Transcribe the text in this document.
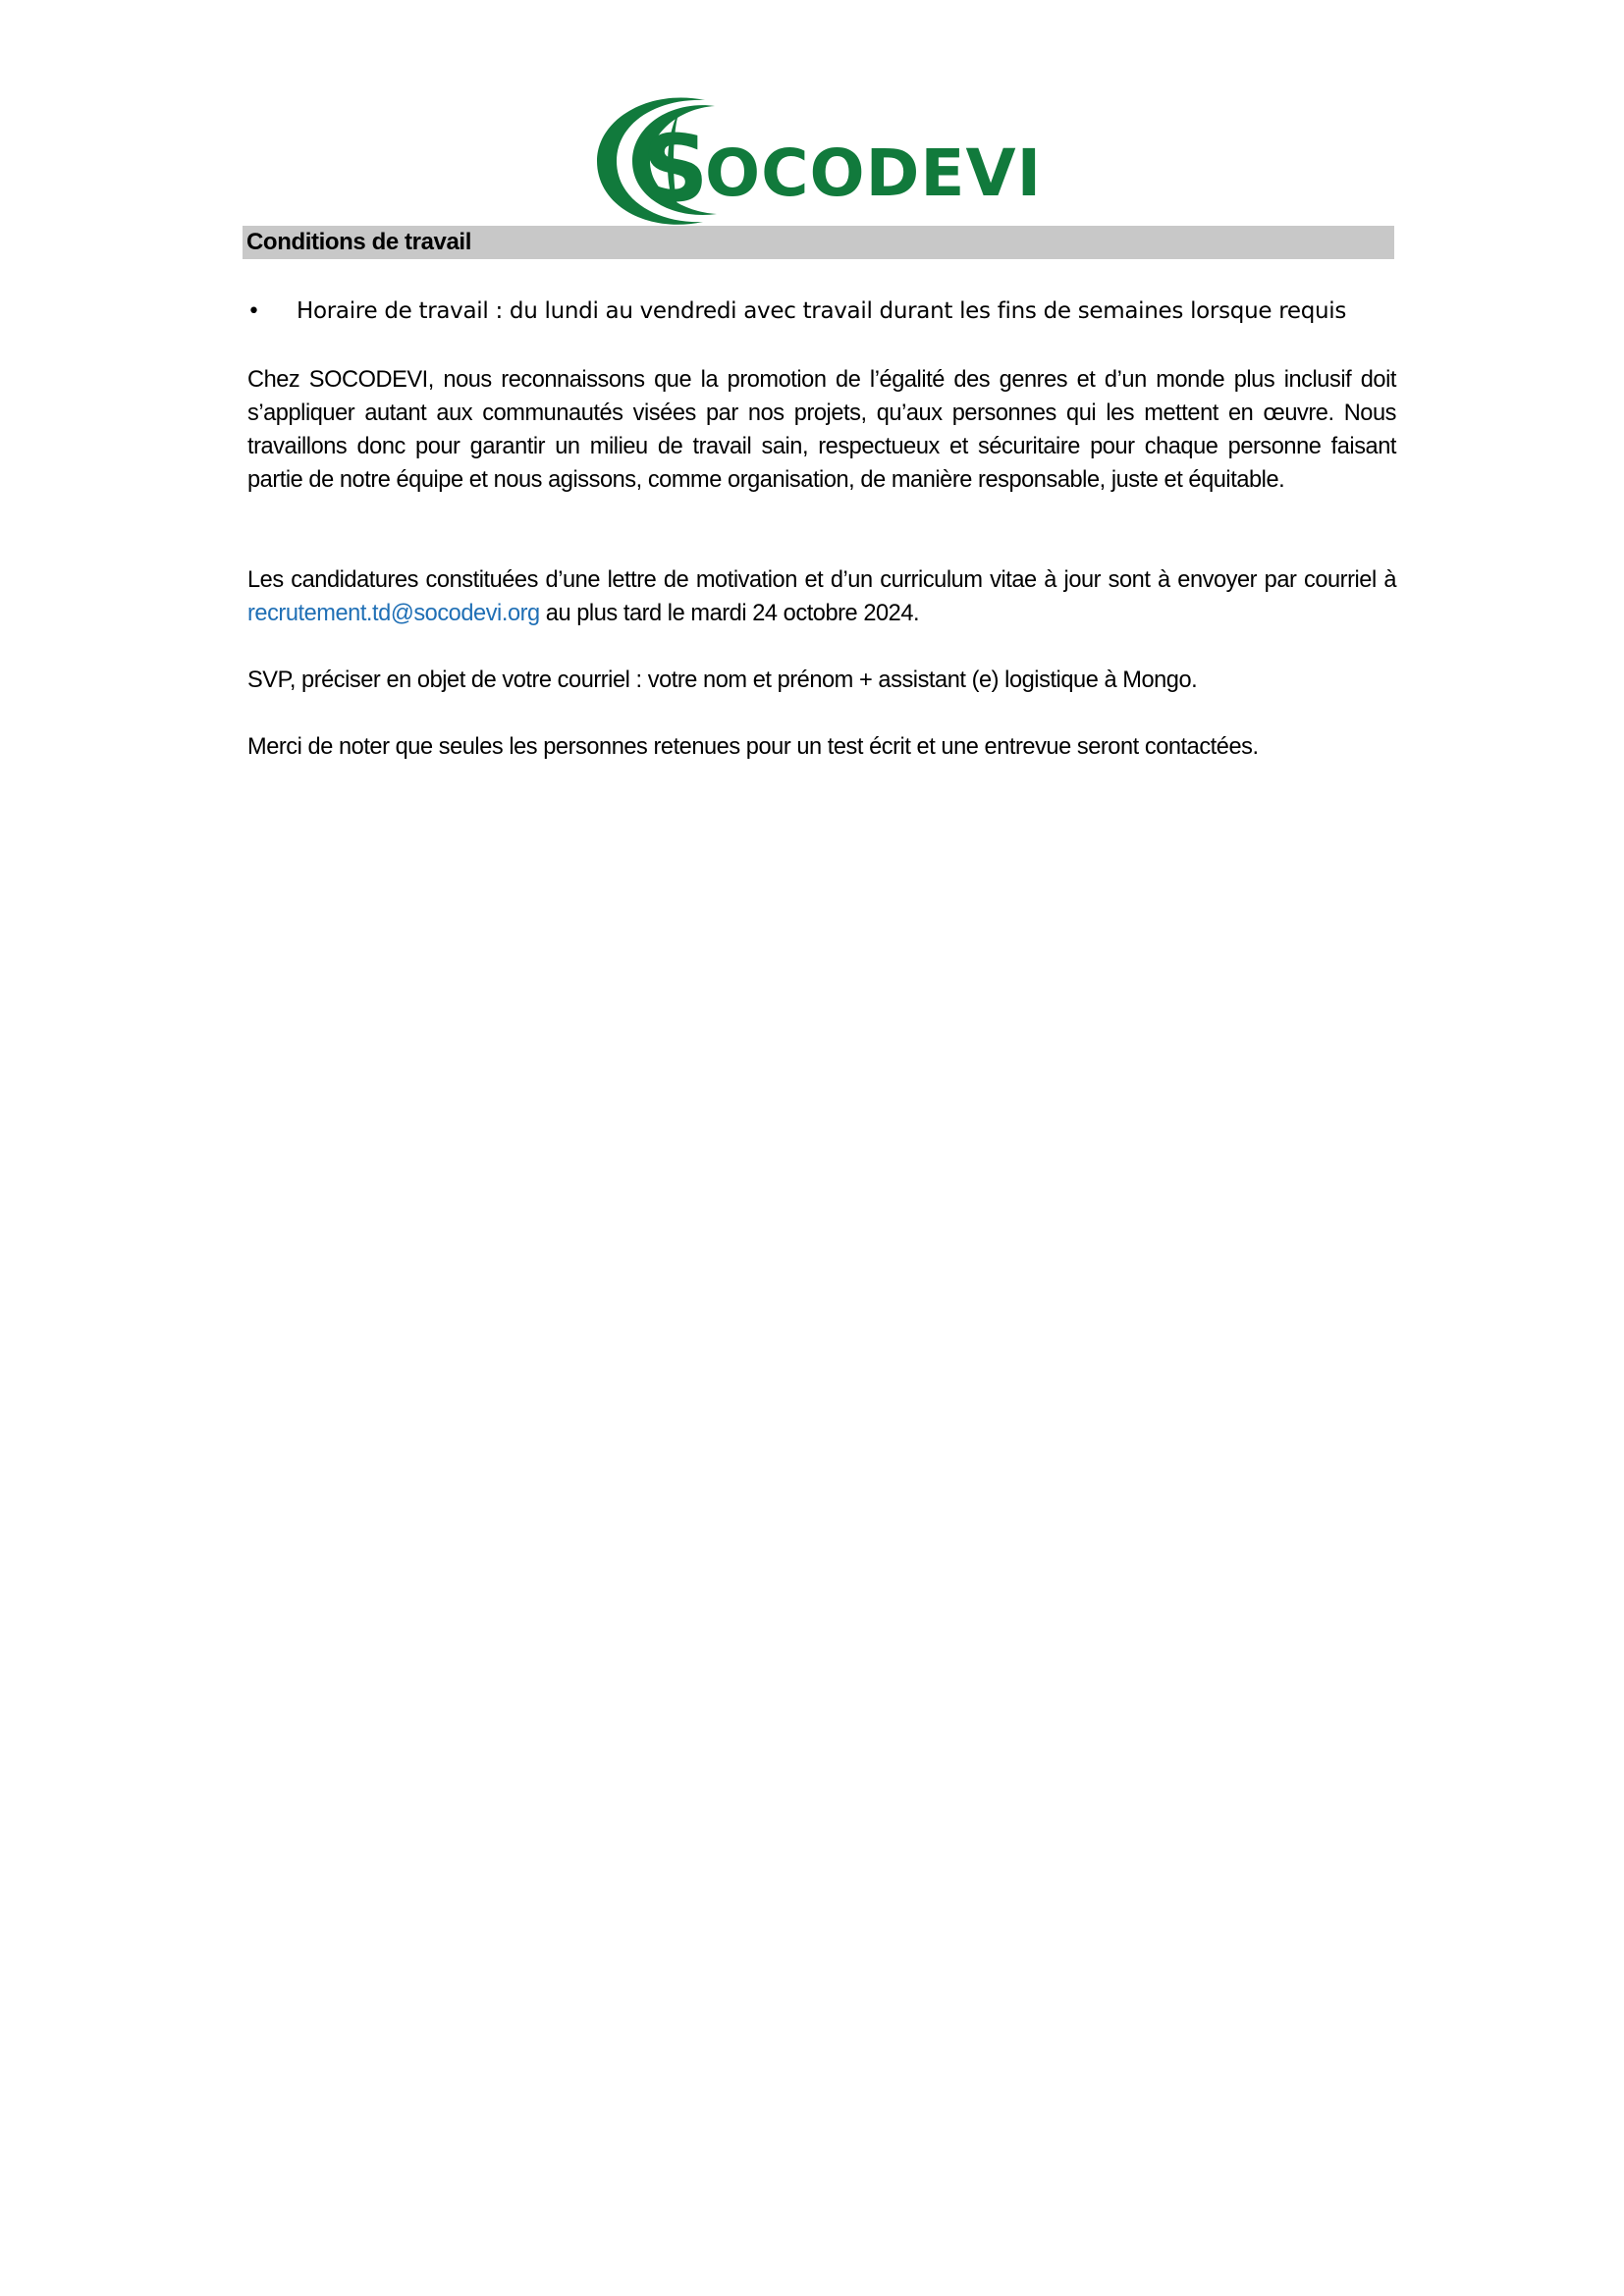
S
OCODEVI
Conditions de travail
•	Horaire de travail : du lundi au vendredi avec travail durant les fins de semaines lorsque requis

Chez SOCODEVI, nous reconnaissons que la promotion de l’égalité des genres et d’un monde plus inclusif doit s’appliquer autant aux communautés visées par nos projets, qu’aux personnes qui les mettent en œuvre. Nous travaillons donc pour garantir un milieu de travail sain, respectueux et sécuritaire pour chaque personne faisant partie de notre équipe et nous agissons, comme organisation, de manière responsable, juste et équitable.

Les candidatures constituées d’une lettre de motivation et d’un curriculum vitae à jour sont à envoyer par courriel à recrutement.td@socodevi.org au plus tard le mardi 24 octobre 2024.

SVP, préciser en objet de votre courriel : votre nom et prénom + assistant (e) logistique à Mongo.

Merci de noter que seules les personnes retenues pour un test écrit et une entrevue seront contactées.
